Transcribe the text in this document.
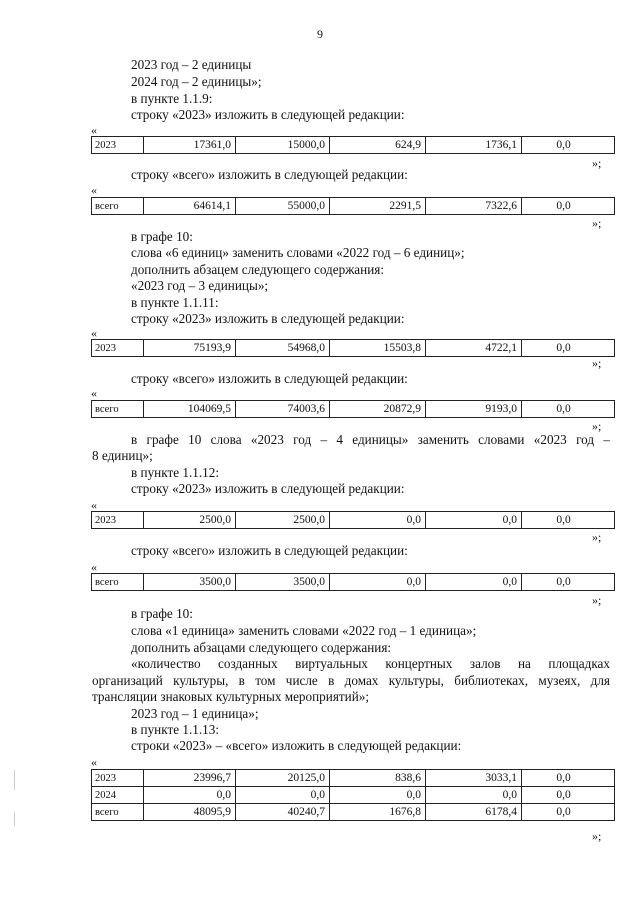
9
2023 год – 2 единицы
2024 год – 2 единицы»;
в пункте 1.1.9:
строку «2023» изложить в следующей редакции:
«
2023	17361,0	15000,0	624,9	1736,1	0,0
»;
строку «всего» изложить в следующей редакции:
«
всего	64614,1	55000,0	2291,5	7322,6	0,0
»;
в графе 10:
слова «6 единиц» заменить словами «2022 год – 6 единиц»;
дополнить абзацем следующего содержания:
«2023 год – 3 единицы»;
в пункте 1.1.11:
строку «2023» изложить в следующей редакции:
«
2023	75193,9	54968,0	15503,8	4722,1	0,0
»;
строку «всего» изложить в следующей редакции:
«
всего	104069,5	74003,6	20872,9	9193,0	0,0
»;
в графе 10 слова «2023 год – 4 единицы» заменить словами «2023 год –
8 единиц»;
в пункте 1.1.12:
строку «2023» изложить в следующей редакции:
«
2023	2500,0	2500,0	0,0	0,0	0,0
»;
строку «всего» изложить в следующей редакции:
«
всего	3500,0	3500,0	0,0	0,0	0,0
»;
в графе 10:
слова «1 единица» заменить словами «2022 год – 1 единица»;
дополнить абзацами следующего содержания:
«количество созданных виртуальных концертных залов на площадках
организаций культуры, в том числе в домах культуры, библиотеках, музеях, для
трансляции знаковых культурных мероприятий»;
2023 год – 1 единица»;
в пункте 1.1.13:
строки «2023» – «всего» изложить в следующей редакции:
«
2023	23996,7	20125,0	838,6	3033,1	0,0
2024	0,0	0,0	0,0	0,0	0,0
всего	48095,9	40240,7	1676,8	6178,4	0,0
»;
